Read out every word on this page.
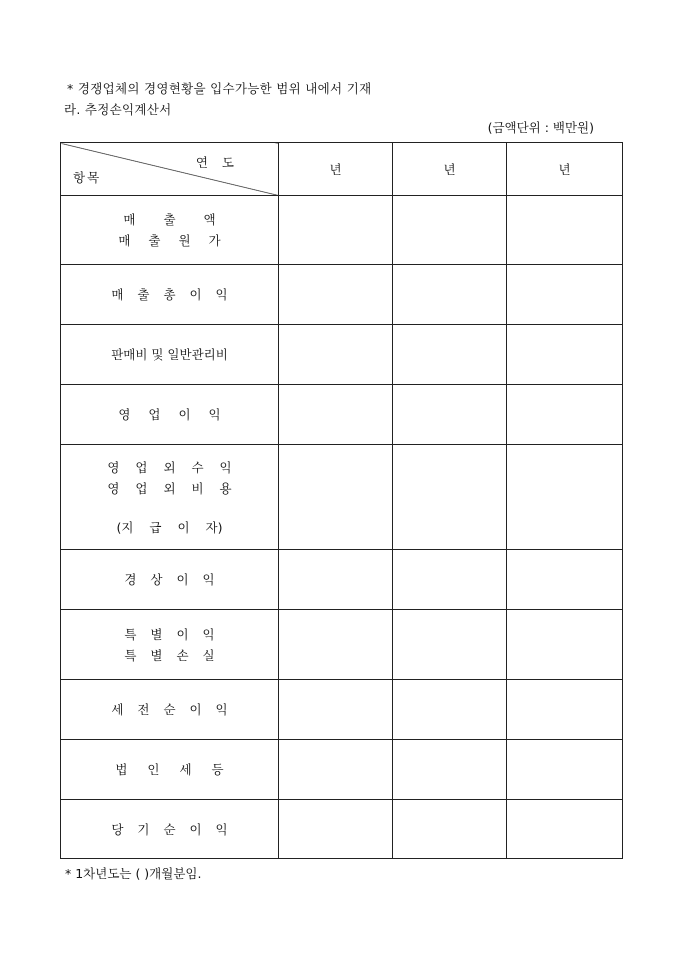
* 경쟁업체의 경영현황을 입수가능한 범위 내에서 기재
라. 추정손익계산서
(금액단위 : 백만원)
연도
항목	년	년	년

매 출 액
매 출 원 가			

매 출 총 이 익			

판매비 및 일반관리비			

영 업 이 익			

영 업 외 수 익
영 업 외 비 용
(지 급 이 자)			

경 상 이 익			

특 별 이 익
특 별 손 실			

세 전 순 이 익			

법 인 세 등			

당 기 순 이 익			

* 1차년도는 ( )개월분임.
